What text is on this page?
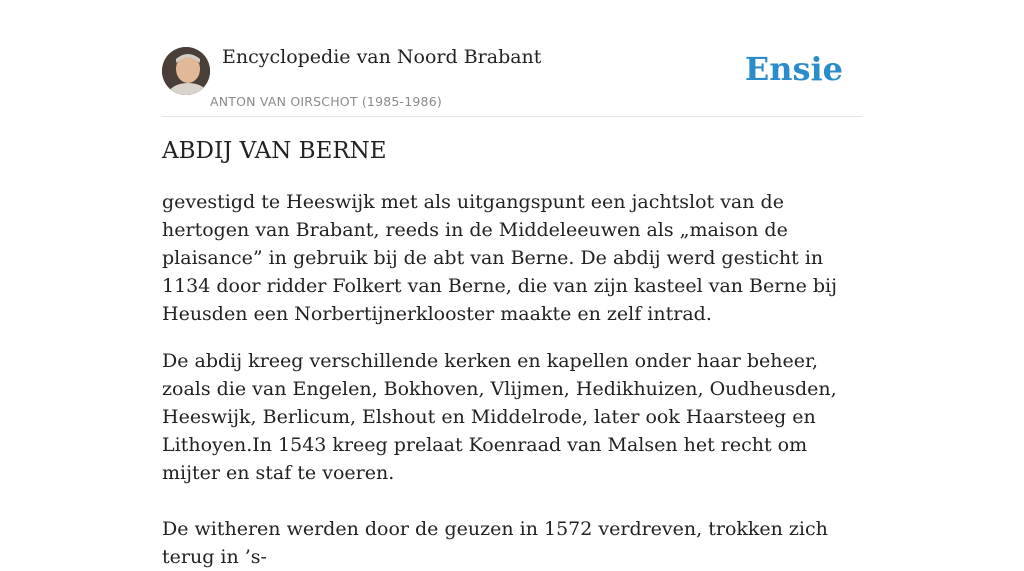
Encyclopedie van Noord Brabant
ANTON VAN OIRSCHOT (1985-1986)
Ensie
ABDIJ VAN BERNE

gevestigd te Heeswijk met als uitgangspunt een jachtslot van de hertogen van Brabant, reeds in de Middeleeuwen als „maison de plaisance” in gebruik bij de abt van Berne. De abdij werd gesticht in 1134 door ridder Folkert van Berne, die van zijn kasteel van Berne bij Heusden een Norbertijnerklooster maakte en zelf intrad.

De abdij kreeg verschillende kerken en kapellen onder haar beheer, zoals die van Engelen, Bokhoven, Vlijmen, Hedikhuizen, Oudheusden, Heeswijk, Berlicum, Elshout en Middelrode, later ook Haarsteeg en Lithoyen.In 1543 kreeg prelaat Koenraad van Malsen het recht om mijter en staf te voeren.

De witheren werden door de geuzen in 1572 verdreven, trokken zich terug in ’s-
